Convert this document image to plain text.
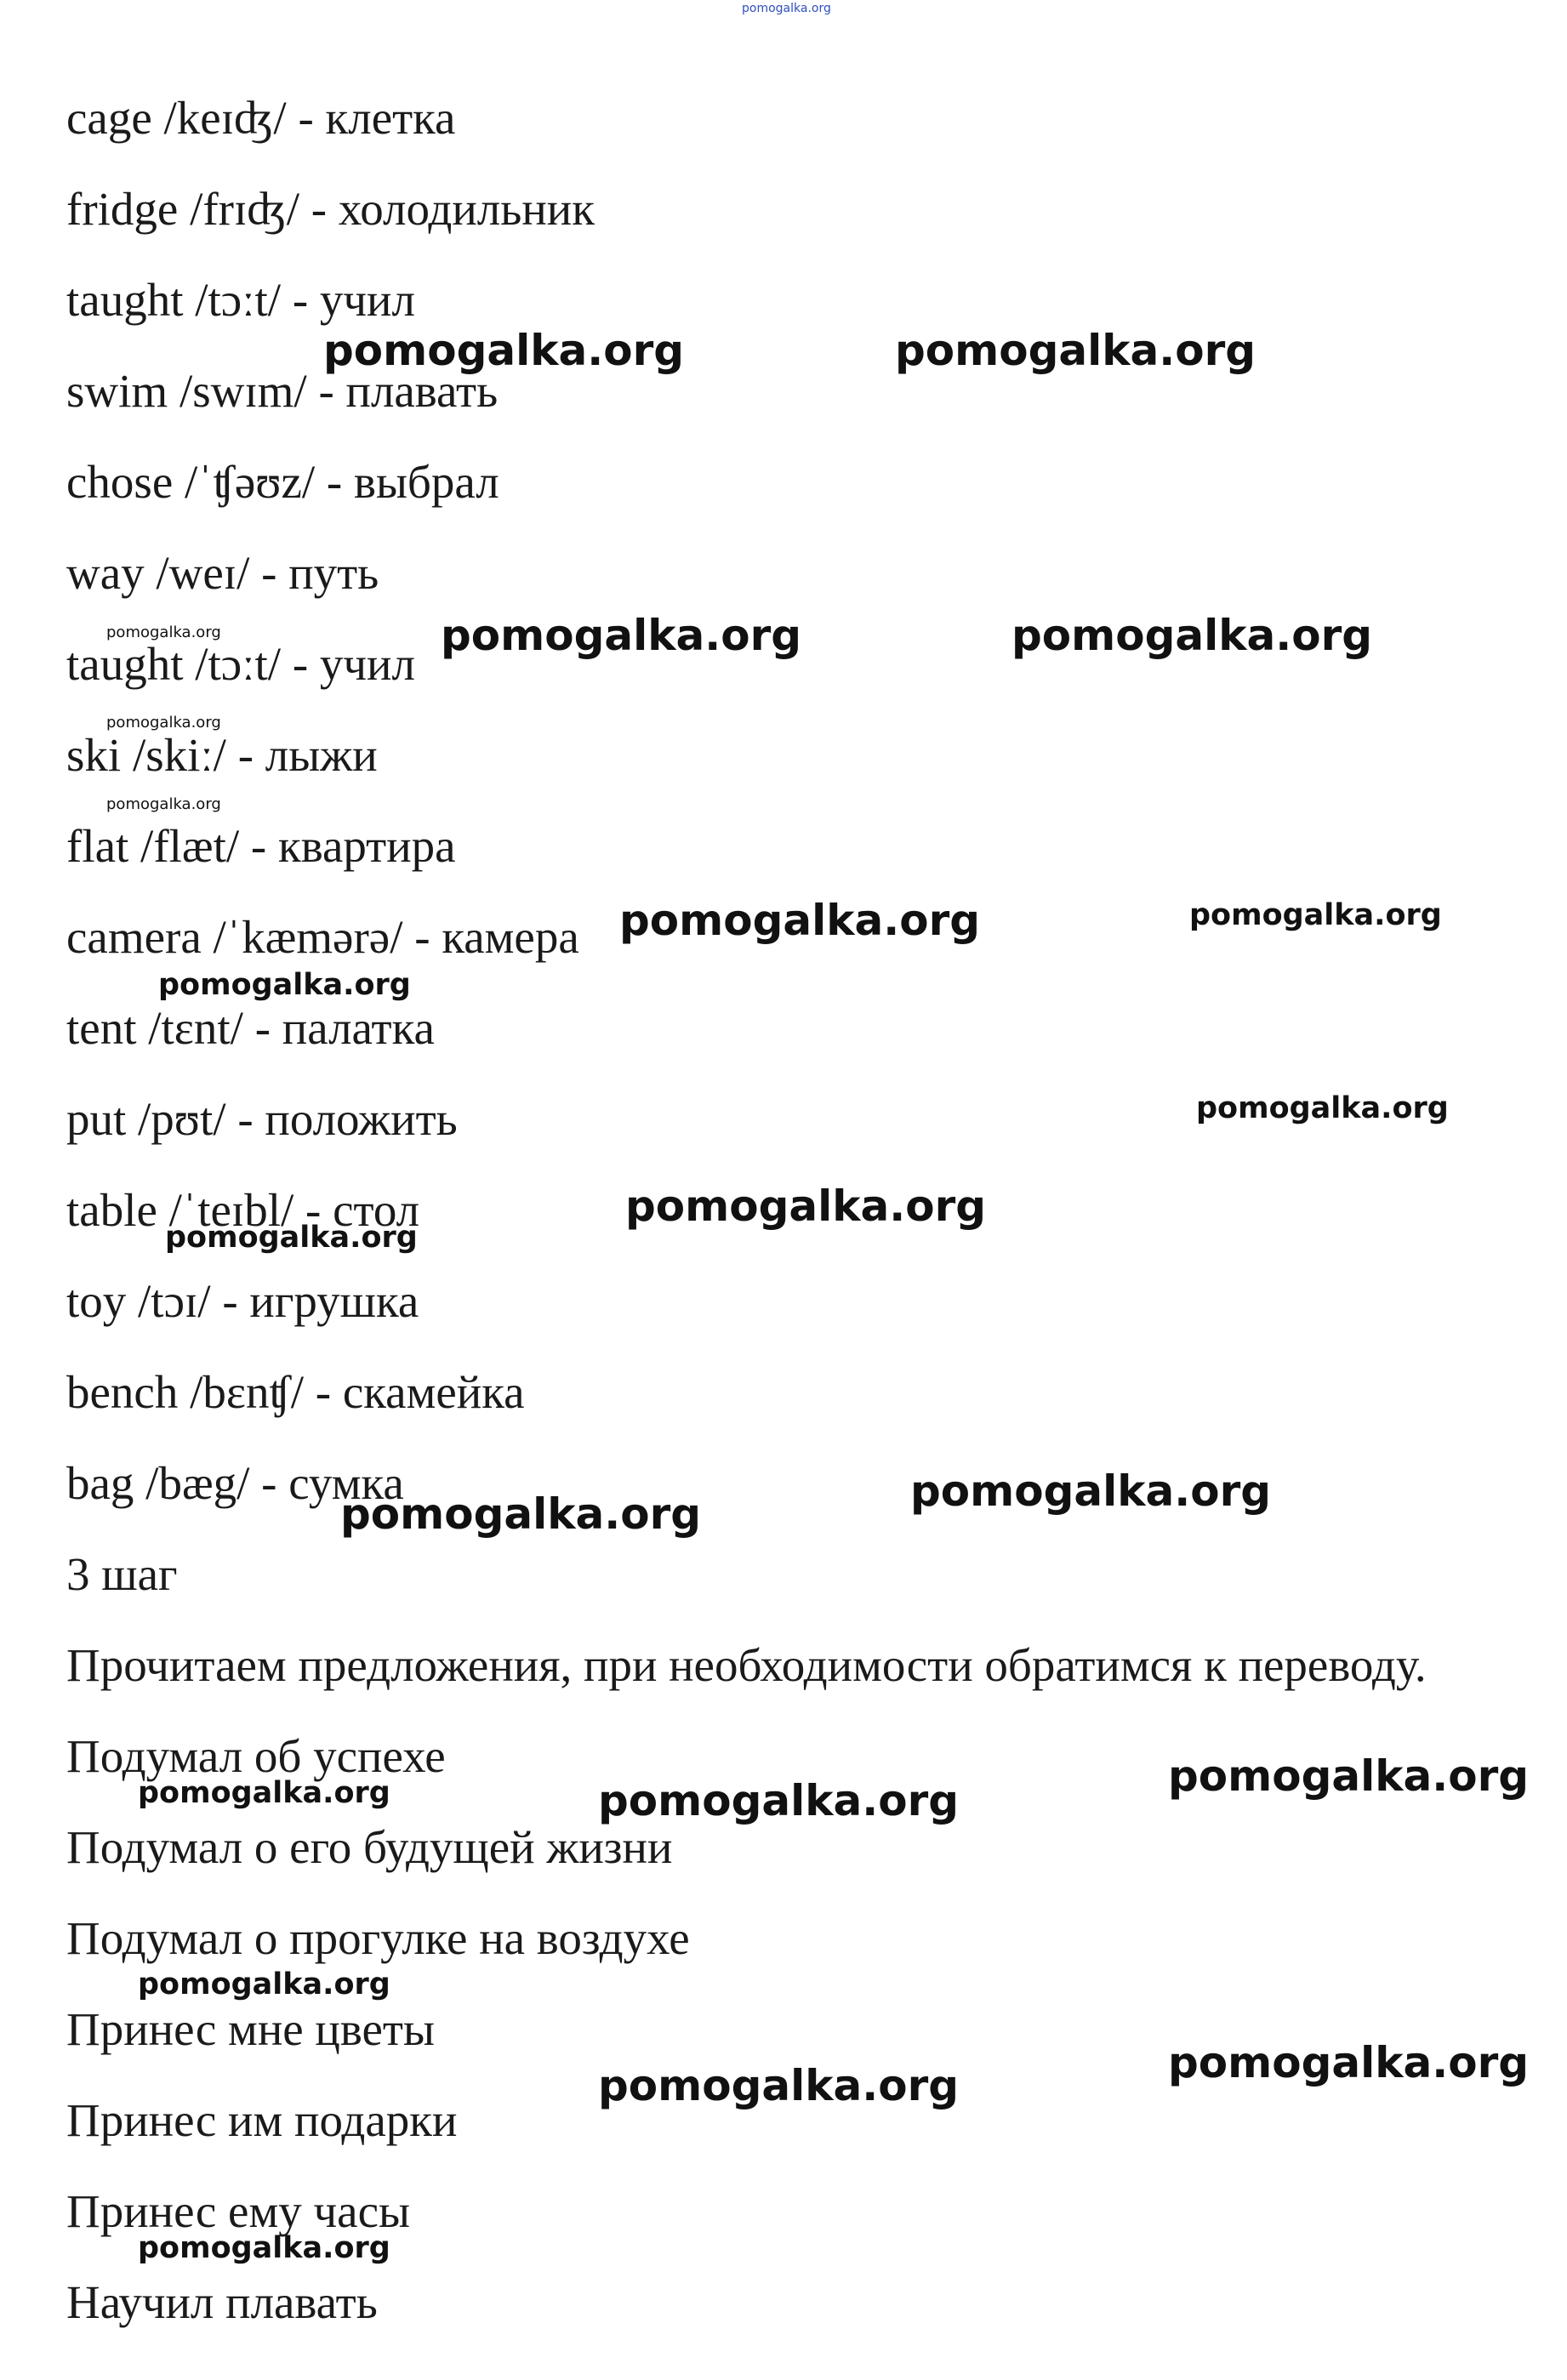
pomogalka.org

cage /keɪʤ/ - клетка

fridge /frɪʤ/ - холодильник

taught /tɔːt/ - учил

swim /swɪm/ - плавать

chose /ˈʧəʊz/ - выбрал

way /weɪ/ - путь

taught /tɔːt/ - учил

ski /skiː/ - лыжи

flat /flæt/ - квартира

camera /ˈkæmərə/ - камера

tent /tɛnt/ - палатка

put /pʊt/ - положить

table /ˈteɪbl/ - стол

toy /tɔɪ/ - игрушка

bench /bɛnʧ/ - скамейка

bag /bæg/ - сумка

3 шаг

Прочитаем предложения, при необходимости обратимся к переводу.

Подумал об успехе

Подумал о его будущей жизни

Подумал о прогулке на воздухе

Принес мне цветы

Принес им подарки

Принес ему часы

Научил плавать

pomogalka.org	pomogalka.org
pomogalka.org	pomogalka.org	pomogalka.org
pomogalka.org
pomogalka.org
pomogalka.org	pomogalka.org
pomogalka.org
pomogalka.org
pomogalka.org
pomogalka.org
pomogalka.org
pomogalka.org
pomogalka.org	pomogalka.org	pomogalka.org
pomogalka.org
pomogalka.org	pomogalka.org
pomogalka.org
